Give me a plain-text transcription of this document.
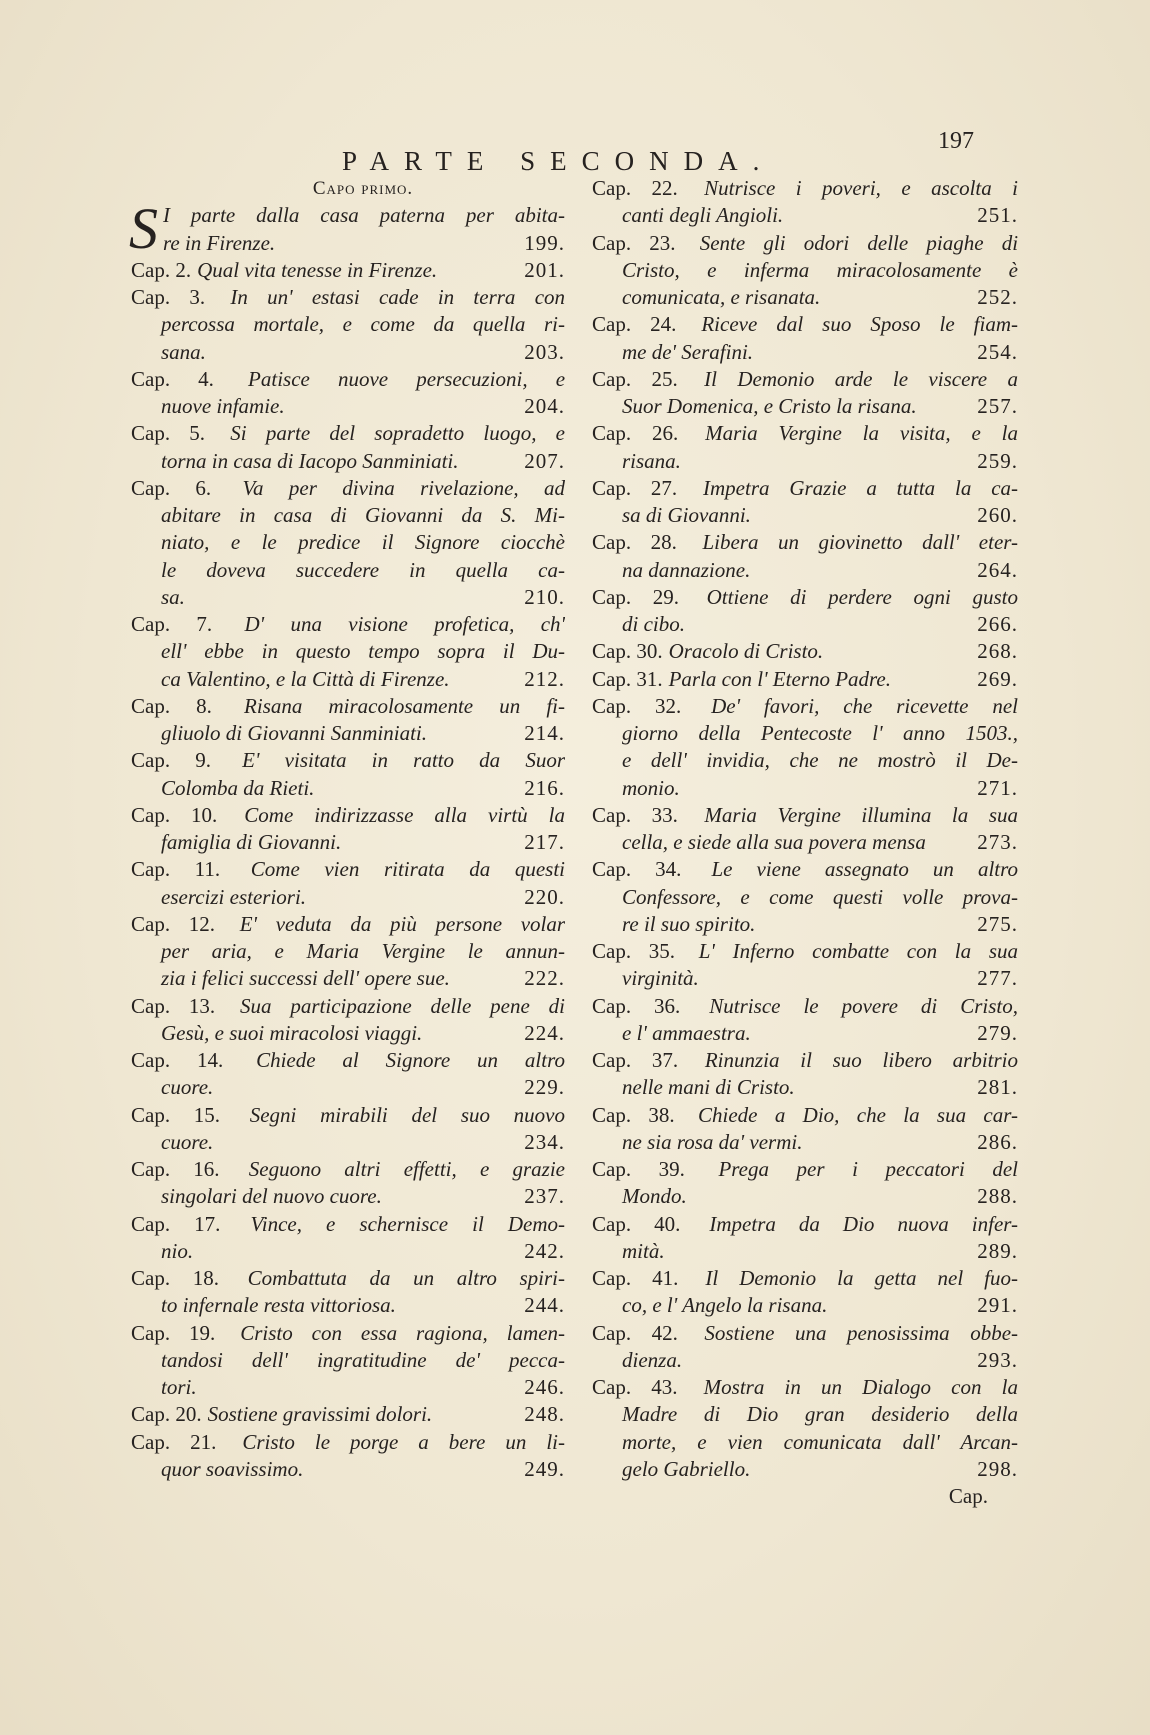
PARTE SECONDA.
197
Capo primo.
S I parte dalla casa paterna per abita-
re in Firenze.	199.
Cap. 2. Qual vita tenesse in Firenze.	201.
Cap. 3. In un' estasi cade in terra con
percossa mortale, e come da quella ri-
sana.	203.
Cap. 4. Patisce nuove persecuzioni, e
nuove infamie.	204.
Cap. 5. Si parte del sopradetto luogo, e
torna in casa di Iacopo Sanminiati.	207.
Cap. 6. Va per divina rivelazione, ad
abitare in casa di Giovanni da S. Mi-
niato, e le predice il Signore ciocchè
le doveva succedere in quella ca-
sa.	210.
Cap. 7. D' una visione profetica, ch'
ell' ebbe in questo tempo sopra il Du-
ca Valentino, e la Città di Firenze.	212.
Cap. 8. Risana miracolosamente un fi-
gliuolo di Giovanni Sanminiati.	214.
Cap. 9. E' visitata in ratto da Suor
Colomba da Rieti.	216.
Cap. 10. Come indirizzasse alla virtù la
famiglia di Giovanni.	217.
Cap. 11. Come vien ritirata da questi
esercizi esteriori.	220.
Cap. 12. E' veduta da più persone volar
per aria, e Maria Vergine le annun-
zia i felici successi dell' opere sue.	222.
Cap. 13. Sua participazione delle pene di
Gesù, e suoi miracolosi viaggi.	224.
Cap. 14. Chiede al Signore un altro
cuore.	229.
Cap. 15. Segni mirabili del suo nuovo
cuore.	234.
Cap. 16. Seguono altri effetti, e grazie
singolari del nuovo cuore.	237.
Cap. 17. Vince, e schernisce il Demo-
nio.	242.
Cap. 18. Combattuta da un altro spiri-
to infernale resta vittoriosa.	244.
Cap. 19. Cristo con essa ragiona, lamen-
tandosi dell' ingratitudine de' pecca-
tori.	246.
Cap. 20. Sostiene gravissimi dolori.	248.
Cap. 21. Cristo le porge a bere un li-
quor soavissimo.	249.
Cap. 22. Nutrisce i poveri, e ascolta i
canti degli Angioli.	251.
Cap. 23. Sente gli odori delle piaghe di
Cristo, e inferma miracolosamente è
comunicata, e risanata.	252.
Cap. 24. Riceve dal suo Sposo le fiam-
me de' Serafini.	254.
Cap. 25. Il Demonio arde le viscere a
Suor Domenica, e Cristo la risana.	257.
Cap. 26. Maria Vergine la visita, e la
risana.	259.
Cap. 27. Impetra Grazie a tutta la ca-
sa di Giovanni.	260.
Cap. 28. Libera un giovinetto dall' eter-
na dannazione.	264.
Cap. 29. Ottiene di perdere ogni gusto
di cibo.	266.
Cap. 30. Oracolo di Cristo.	268.
Cap. 31. Parla con l' Eterno Padre.	269.
Cap. 32. De' favori, che ricevette nel
giorno della Pentecoste l' anno 1503.,
e dell' invidia, che ne mostrò il De-
monio.	271.
Cap. 33. Maria Vergine illumina la sua
cella, e siede alla sua povera mensa 273.
Cap. 34. Le viene assegnato un altro
Confessore, e come questi volle prova-
re il suo spirito.	275.
Cap. 35. L' Inferno combatte con la sua
virginità.	277.
Cap. 36. Nutrisce le povere di Cristo,
e l' ammaestra.	279.
Cap. 37. Rinunzia il suo libero arbitrio
nelle mani di Cristo.	281.
Cap. 38. Chiede a Dio, che la sua car-
ne sia rosa da' vermi.	286.
Cap. 39. Prega per i peccatori del
Mondo.	288.
Cap. 40. Impetra da Dio nuova infer-
mità.	289.
Cap. 41. Il Demonio la getta nel fuo-
co, e l' Angelo la risana.	291.
Cap. 42. Sostiene una penosissima obbe-
dienza.	293.
Cap. 43. Mostra in un Dialogo con la
Madre di Dio gran desiderio della
morte, e vien comunicata dall' Arcan-
gelo Gabriello.	298.
Cap.
